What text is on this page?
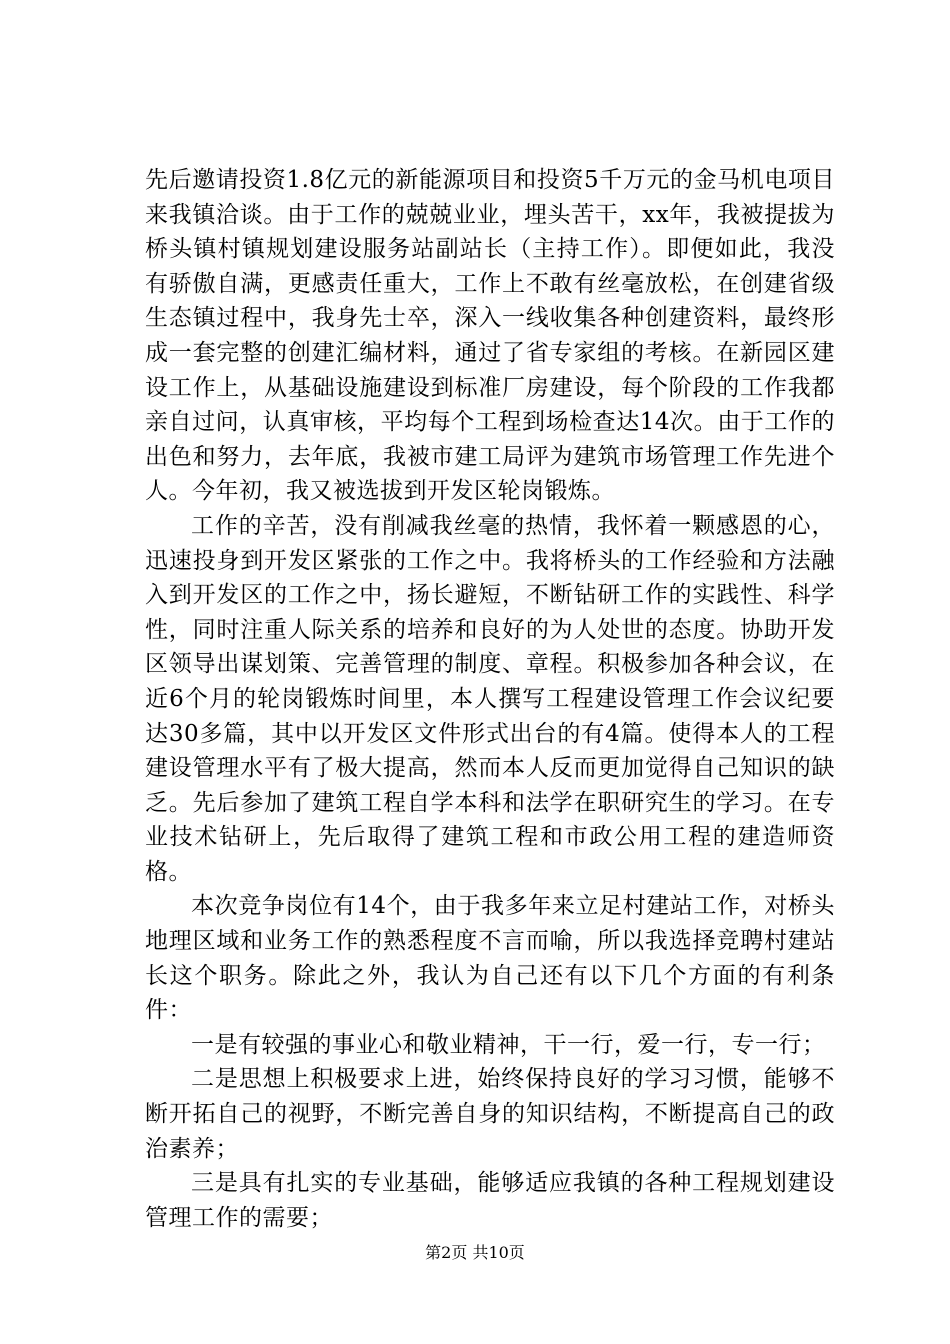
先后邀请投资1.8亿元的新能源项目和投资5千万元的金马机电项目来我镇洽谈。由于工作的兢兢业业，埋头苦干，xx年，我被提拔为桥头镇村镇规划建设服务站副站长（主持工作）。即便如此，我没有骄傲自满，更感责任重大，工作上不敢有丝毫放松，在创建省级生态镇过程中，我身先士卒，深入一线收集各种创建资料，最终形成一套完整的创建汇编材料，通过了省专家组的考核。在新园区建设工作上，从基础设施建设到标准厂房建设，每个阶段的工作我都亲自过问，认真审核，平均每个工程到场检查达14次。由于工作的出色和努力，去年底，我被市建工局评为建筑市场管理工作先进个人。今年初，我又被选拔到开发区轮岗锻炼。

工作的辛苦，没有削减我丝毫的热情，我怀着一颗感恩的心，迅速投身到开发区紧张的工作之中。我将桥头的工作经验和方法融入到开发区的工作之中，扬长避短，不断钻研工作的实践性、科学性，同时注重人际关系的培养和良好的为人处世的态度。协助开发区领导出谋划策、完善管理的制度、章程。积极参加各种会议，在近6个月的轮岗锻炼时间里，本人撰写工程建设管理工作会议纪要达30多篇，其中以开发区文件形式出台的有4篇。使得本人的工程建设管理水平有了极大提高，然而本人反而更加觉得自己知识的缺乏。先后参加了建筑工程自学本科和法学在职研究生的学习。在专业技术钻研上，先后取得了建筑工程和市政公用工程的建造师资格。

本次竞争岗位有14个，由于我多年来立足村建站工作，对桥头地理区域和业务工作的熟悉程度不言而喻，所以我选择竞聘村建站长这个职务。除此之外，我认为自己还有以下几个方面的有利条件：

一是有较强的事业心和敬业精神，干一行，爱一行，专一行；

二是思想上积极要求上进，始终保持良好的学习习惯，能够不断开拓自己的视野，不断完善自身的知识结构，不断提高自己的政治素养；

三是具有扎实的专业基础，能够适应我镇的各种工程规划建设管理工作的需要；

第2页 共10页
